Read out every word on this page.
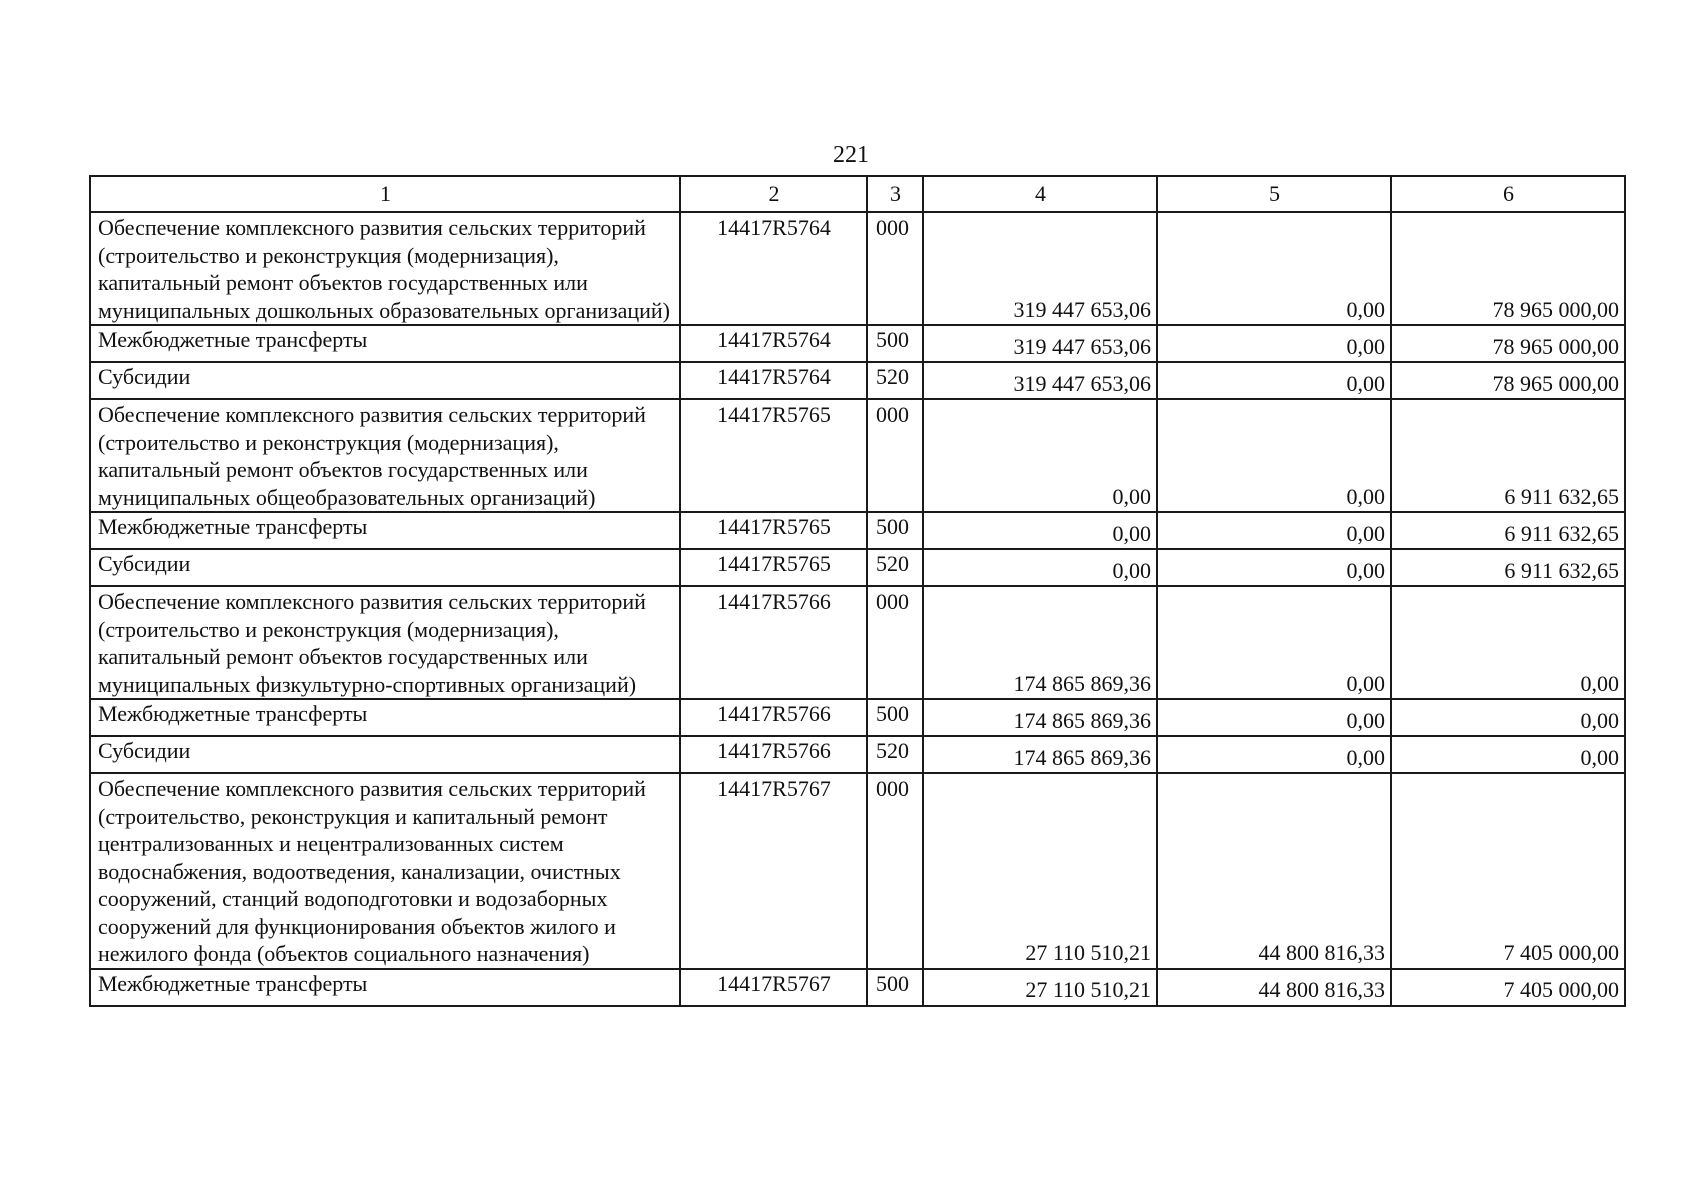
221
1	2	3	4	5	6
Обеспечение комплексного развития сельских территорий (строительство и реконструкция (модернизация), капитальный ремонт объектов государственных или муниципальных дошкольных образовательных организаций)	14417R5764	000	319 447 653,06	0,00	78 965 000,00
Межбюджетные трансферты	14417R5764	500	319 447 653,06	0,00	78 965 000,00
Субсидии	14417R5764	520	319 447 653,06	0,00	78 965 000,00
Обеспечение комплексного развития сельских территорий (строительство и реконструкция (модернизация), капитальный ремонт объектов государственных или муниципальных общеобразовательных организаций)	14417R5765	000	0,00	0,00	6 911 632,65
Межбюджетные трансферты	14417R5765	500	0,00	0,00	6 911 632,65
Субсидии	14417R5765	520	0,00	0,00	6 911 632,65
Обеспечение комплексного развития сельских территорий (строительство и реконструкция (модернизация), капитальный ремонт объектов государственных или муниципальных физкультурно-спортивных организаций)	14417R5766	000	174 865 869,36	0,00	0,00
Межбюджетные трансферты	14417R5766	500	174 865 869,36	0,00	0,00
Субсидии	14417R5766	520	174 865 869,36	0,00	0,00
Обеспечение комплексного развития сельских территорий (строительство, реконструкция и капитальный ремонт централизованных и нецентрализованных систем водоснабжения, водоотведения, канализации, очистных сооружений, станций водоподготовки и водозаборных сооружений для функционирования объектов жилого и нежилого фонда (объектов социального назначения)	14417R5767	000	27 110 510,21	44 800 816,33	7 405 000,00
Межбюджетные трансферты	14417R5767	500	27 110 510,21	44 800 816,33	7 405 000,00
